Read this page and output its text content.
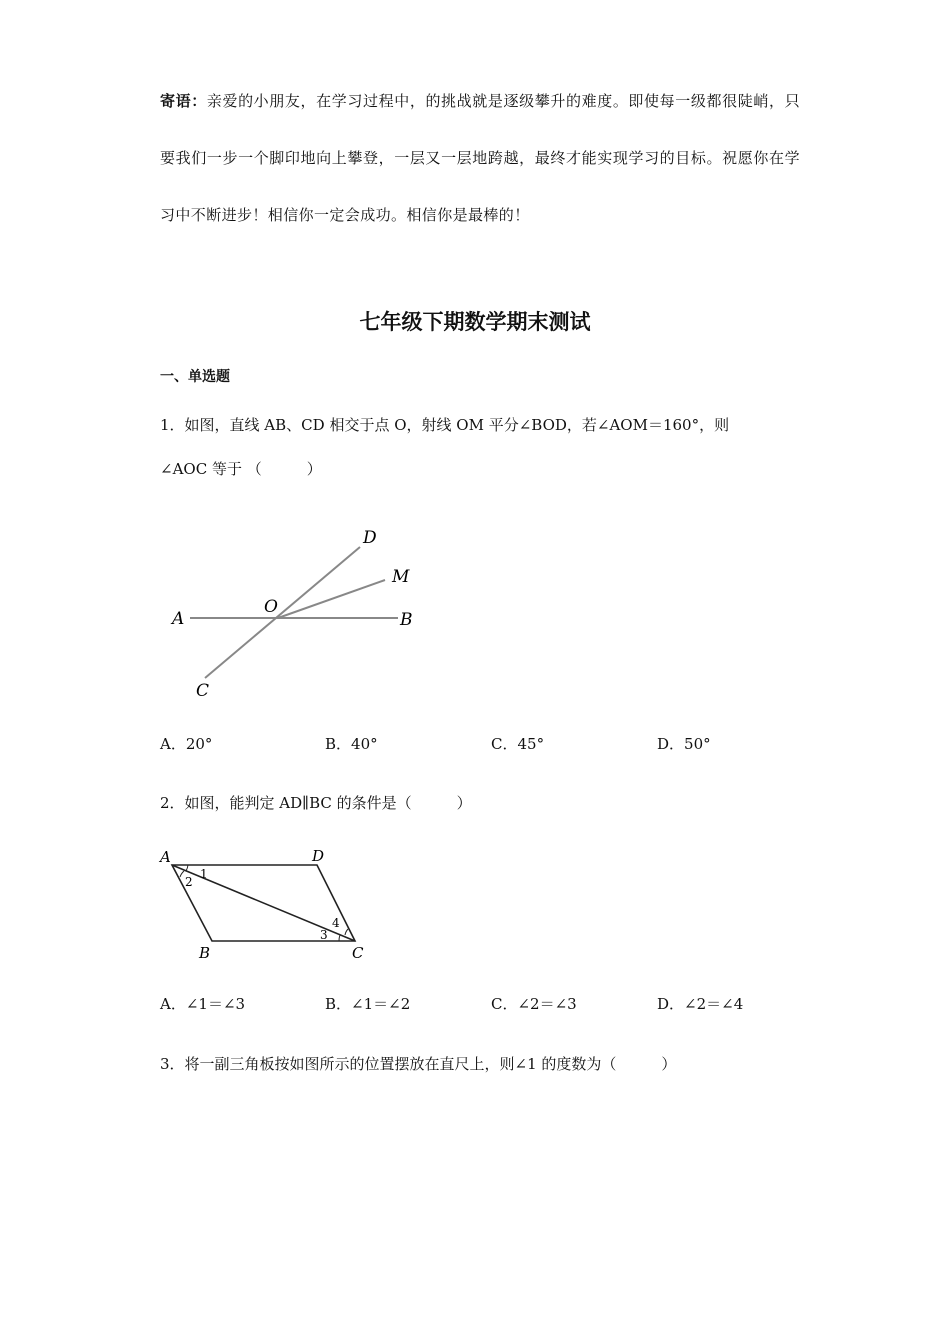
寄语：亲爱的小朋友，在学习过程中，的挑战就是逐级攀升的难度。即使每一级都很陡峭，只要我们一步一个脚印地向上攀登，一层又一层地跨越，最终才能实现学习的目标。祝愿你在学习中不断进步！相信你一定会成功。相信你是最棒的！
七年级下期数学期末测试
一、单选题
1．如图，直线 AB、CD 相交于点 O，射线 OM 平分∠BOD，若∠AOM＝160°，则
∠AOC 等于 （　　　）
D
M
O
A	B
C
A．20°	B．40°	C．45°	D．50°
2．如图，能判定 AD∥BC 的条件是（　　　）
A	D
B	C
1
2
3
4
A．∠1＝∠3	B．∠1＝∠2	C．∠2＝∠3	D．∠2＝∠4
3．将一副三角板按如图所示的位置摆放在直尺上，则∠1 的度数为（　　　）
